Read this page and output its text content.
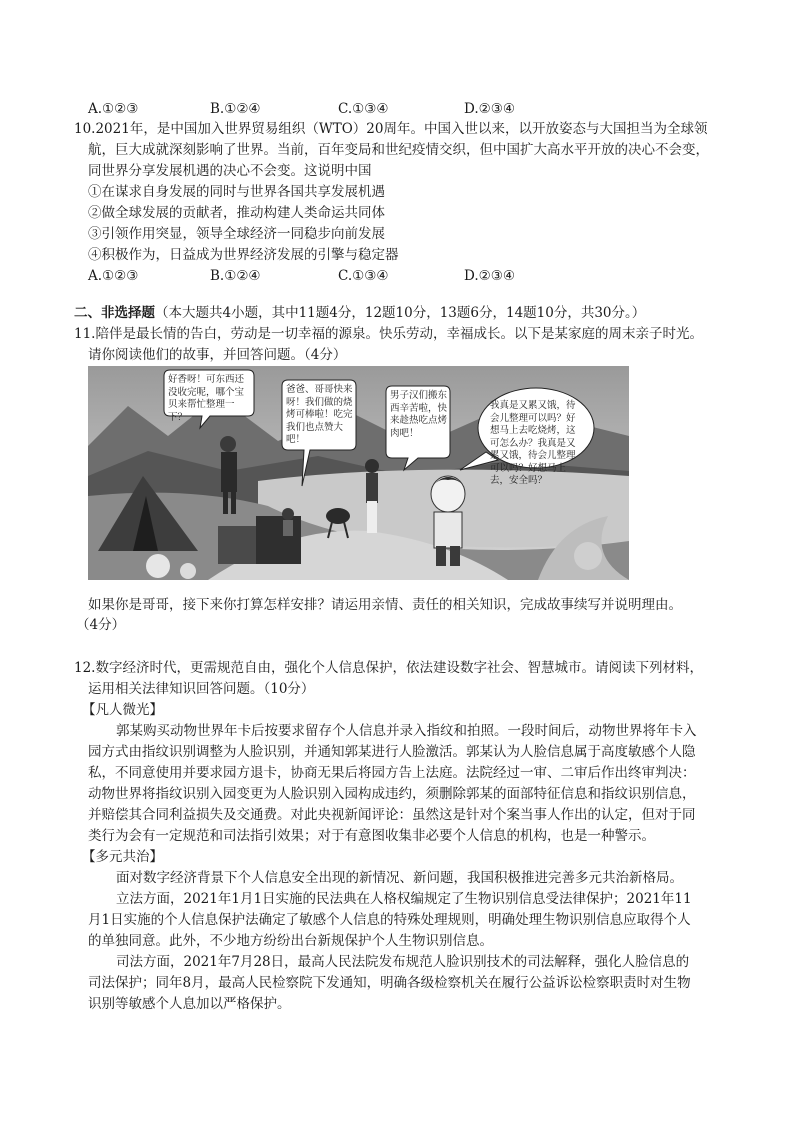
A.①②③	B.①②④	C.①③④	D.②③④
10.2021年，是中国加入世界贸易组织（WTO）20周年。中国入世以来，以开放姿态与大国担当为全球领
航，巨大成就深刻影响了世界。当前，百年变局和世纪疫情交织，但中国扩大高水平开放的决心不会变，
同世界分享发展机遇的决心不会变。这说明中国
①在谋求自身发展的同时与世界各国共享发展机遇
②做全球发展的贡献者，推动构建人类命运共同体
③引领作用突显，领导全球经济一同稳步向前发展
④积极作为，日益成为世界经济发展的引擎与稳定器
A.①②③	B.①②④	C.①③④	D.②③④
二、非选择题（本大题共4小题，其中11题4分，12题10分，13题6分，14题10分，共30分。）
11.陪伴是最长情的告白，劳动是一切幸福的源泉。快乐劳动，幸福成长。以下是某家庭的周末亲子时光。
请你阅读他们的故事，并回答问题。（4分）
好香呀！可东西还没收完呢，哪个宝贝来帮忙整理一下？
爸爸、哥哥快来呀！我们做的烧烤可棒啦！吃完我们也点赞大吧！
男子汉们搬东西辛苦啦，快来趁热吃点烤肉吧！
我真是又累又饿，待会儿整理可以吗？好想马上去吃烧烤，这可怎么办？我真是又累又饿，待会儿整理可以吗？好想马上去，安全吗？
如果你是哥哥，接下来你打算怎样安排？请运用亲情、责任的相关知识，完成故事续写并说明理由。
（4分）
12.数字经济时代，更需规范自由，强化个人信息保护，依法建设数字社会、智慧城市。请阅读下列材料，
运用相关法律知识回答问题。（10分）
【凡人微光】
郭某购买动物世界年卡后按要求留存个人信息并录入指纹和拍照。一段时间后，动物世界将年卡入
园方式由指纹识别调整为人脸识别，并通知郭某进行人脸激活。郭某认为人脸信息属于高度敏感个人隐
私，不同意使用并要求园方退卡，协商无果后将园方告上法庭。法院经过一审、二审后作出终审判决：
动物世界将指纹识别入园变更为人脸识别入园构成违约，须删除郭某的面部特征信息和指纹识别信息，
并赔偿其合同利益损失及交通费。对此央视新闻评论：虽然这是针对个案当事人作出的认定，但对于同
类行为会有一定规范和司法指引效果；对于有意图收集非必要个人信息的机构，也是一种警示。
【多元共治】
面对数字经济背景下个人信息安全出现的新情况、新问题，我国积极推进完善多元共治新格局。
立法方面，2021年1月1日实施的民法典在人格权编规定了生物识别信息受法律保护；2021年11
月1日实施的个人信息保护法确定了敏感个人信息的特殊处理规则，明确处理生物识别信息应取得个人
的单独同意。此外，不少地方纷纷出台新规保护个人生物识别信息。
司法方面，2021年7月28日，最高人民法院发布规范人脸识别技术的司法解释，强化人脸信息的
司法保护；同年8月，最高人民检察院下发通知，明确各级检察机关在履行公益诉讼检察职责时对生物
识别等敏感个人息加以严格保护。
